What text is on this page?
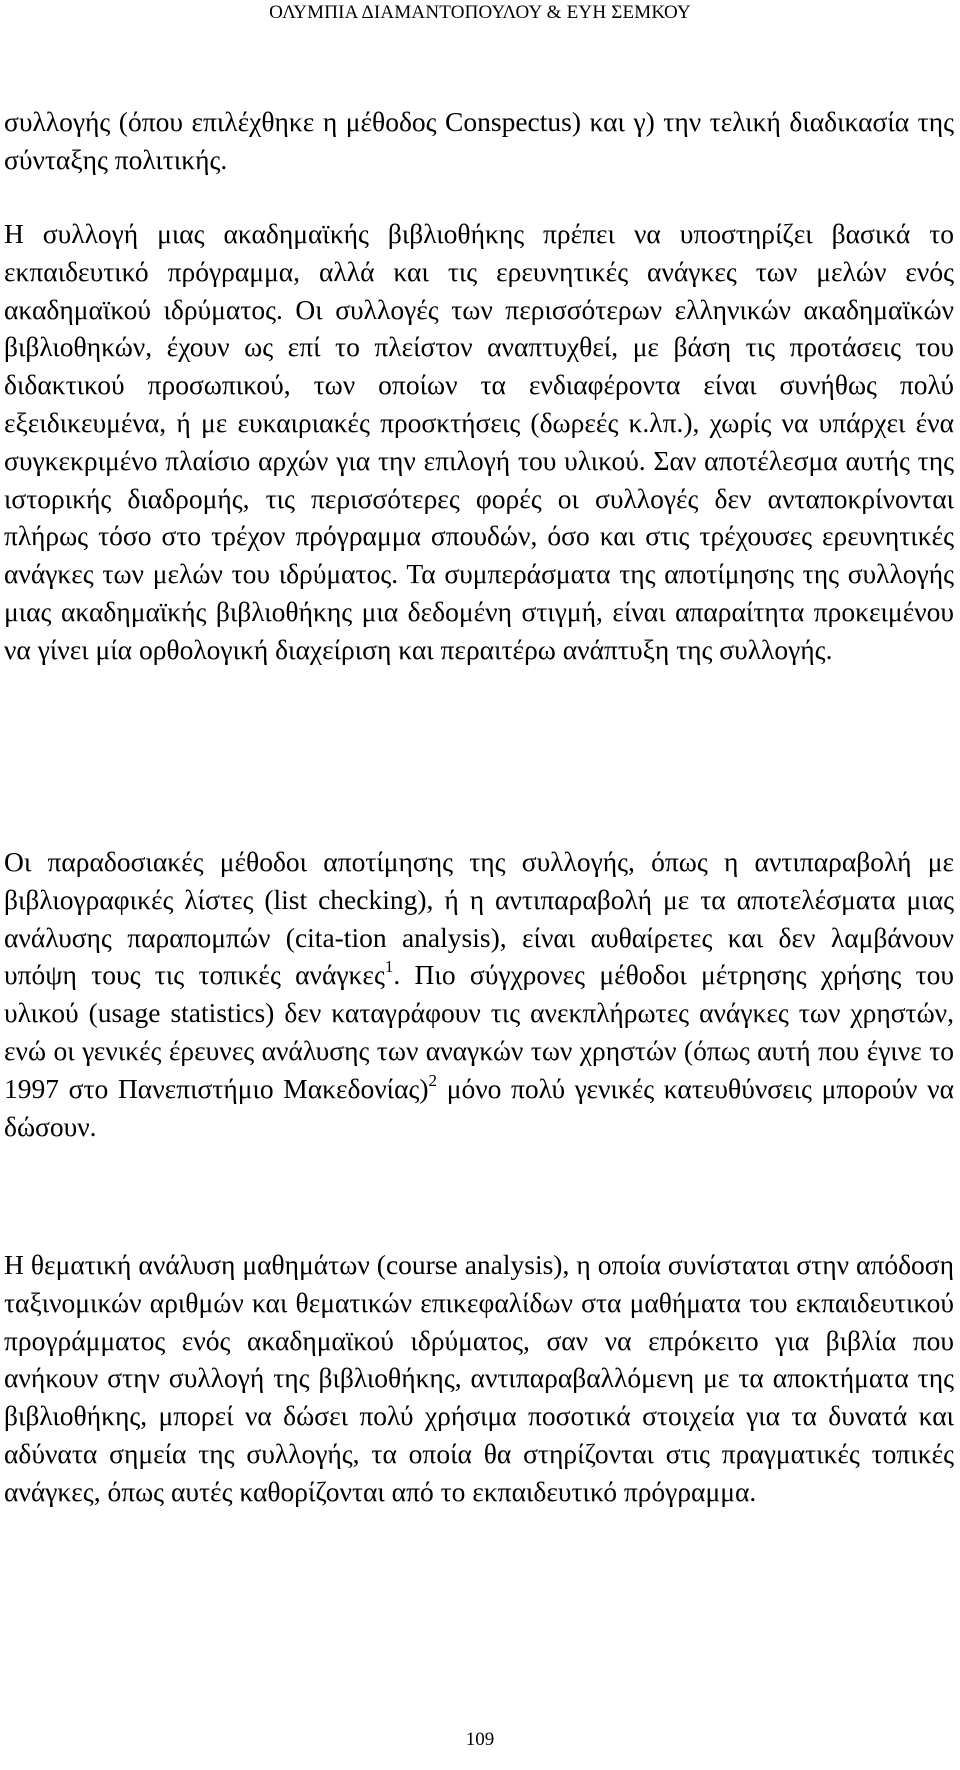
ΟΛΥΜΠΙΑ ΔΙΑΜΑΝΤΟΠΟΥΛΟΥ & ΕΥΗ ΣΕΜΚΟΥ

συλλογής (όπου επιλέχθηκε η μέθοδος Conspectus) και γ) την τελική διαδικασία της σύνταξης πολιτικής.

Η συλλογή μιας ακαδημαϊκής βιβλιοθήκης πρέπει να υποστηρίζει βασικά το εκπαιδευτικό πρόγραμμα, αλλά και τις ερευνητικές ανάγκες των μελών ενός ακαδημαϊκού ιδρύματος. Οι συλλογές των περισσότερων ελληνικών ακαδημαϊκών βιβλιοθηκών, έχουν ως επί το πλείστον αναπτυχθεί, με βάση τις προτάσεις του διδακτικού προσωπικού, των οποίων τα ενδιαφέροντα είναι συνήθως πολύ εξειδικευμένα, ή με ευκαιριακές προσκτήσεις (δωρεές κ.λπ.), χωρίς να υπάρχει ένα συγκεκριμένο πλαίσιο αρχών για την επιλογή του υλικού. Σαν αποτέλεσμα αυτής της ιστορικής διαδρομής, τις περισσότερες φορές οι συλλογές δεν ανταποκρίνονται πλήρως τόσο στο τρέχον πρόγραμμα σπουδών, όσο και στις τρέχουσες ερευνητικές ανάγκες των μελών του ιδρύματος. Τα συμπεράσματα της αποτίμησης της συλλογής μιας ακαδημαϊκής βιβλιοθήκης μια δεδομένη στιγμή, είναι απαραίτητα προκειμένου να γίνει μία ορθολογική διαχείριση και περαιτέρω ανάπτυξη της συλλογής.

Οι παραδοσιακές μέθοδοι αποτίμησης της συλλογής, όπως η αντιπαραβολή με βιβλιογραφικές λίστες (list checking), ή η αντιπαραβολή με τα αποτελέσματα μιας ανάλυσης παραπομπών (cita-tion analysis), είναι αυθαίρετες και δεν λαμβάνουν υπόψη τους τις τοπικές ανάγκες$^1$. Πιο σύγχρονες μέθοδοι μέτρησης χρήσης του υλικού (usage statistics) δεν καταγράφουν τις ανεκπλήρωτες ανάγκες των χρηστών, ενώ οι γενικές έρευνες ανάλυσης των αναγκών των χρηστών (όπως αυτή που έγινε το 1997 στο Πανεπιστήμιο Μακεδονίας)$^2$ μόνο πολύ γενικές κατευθύνσεις μπορούν να δώσουν.

Η θεματική ανάλυση μαθημάτων (course analysis), η οποία συνίσταται στην απόδοση ταξινομικών αριθμών και θεματικών επικεφαλίδων στα μαθήματα του εκπαιδευτικού προγράμματος ενός ακαδημαϊκού ιδρύματος, σαν να επρόκειτο για βιβλία που ανήκουν στην συλλογή της βιβλιοθήκης, αντιπαραβαλλόμενη με τα αποκτήματα της βιβλιοθήκης, μπορεί να δώσει πολύ χρήσιμα ποσοτικά στοιχεία για τα δυνατά και αδύνατα σημεία της συλλογής, τα οποία θα στηρίζονται στις πραγματικές τοπικές ανάγκες, όπως αυτές καθορίζονται από το εκπαιδευτικό πρόγραμμα.

109
